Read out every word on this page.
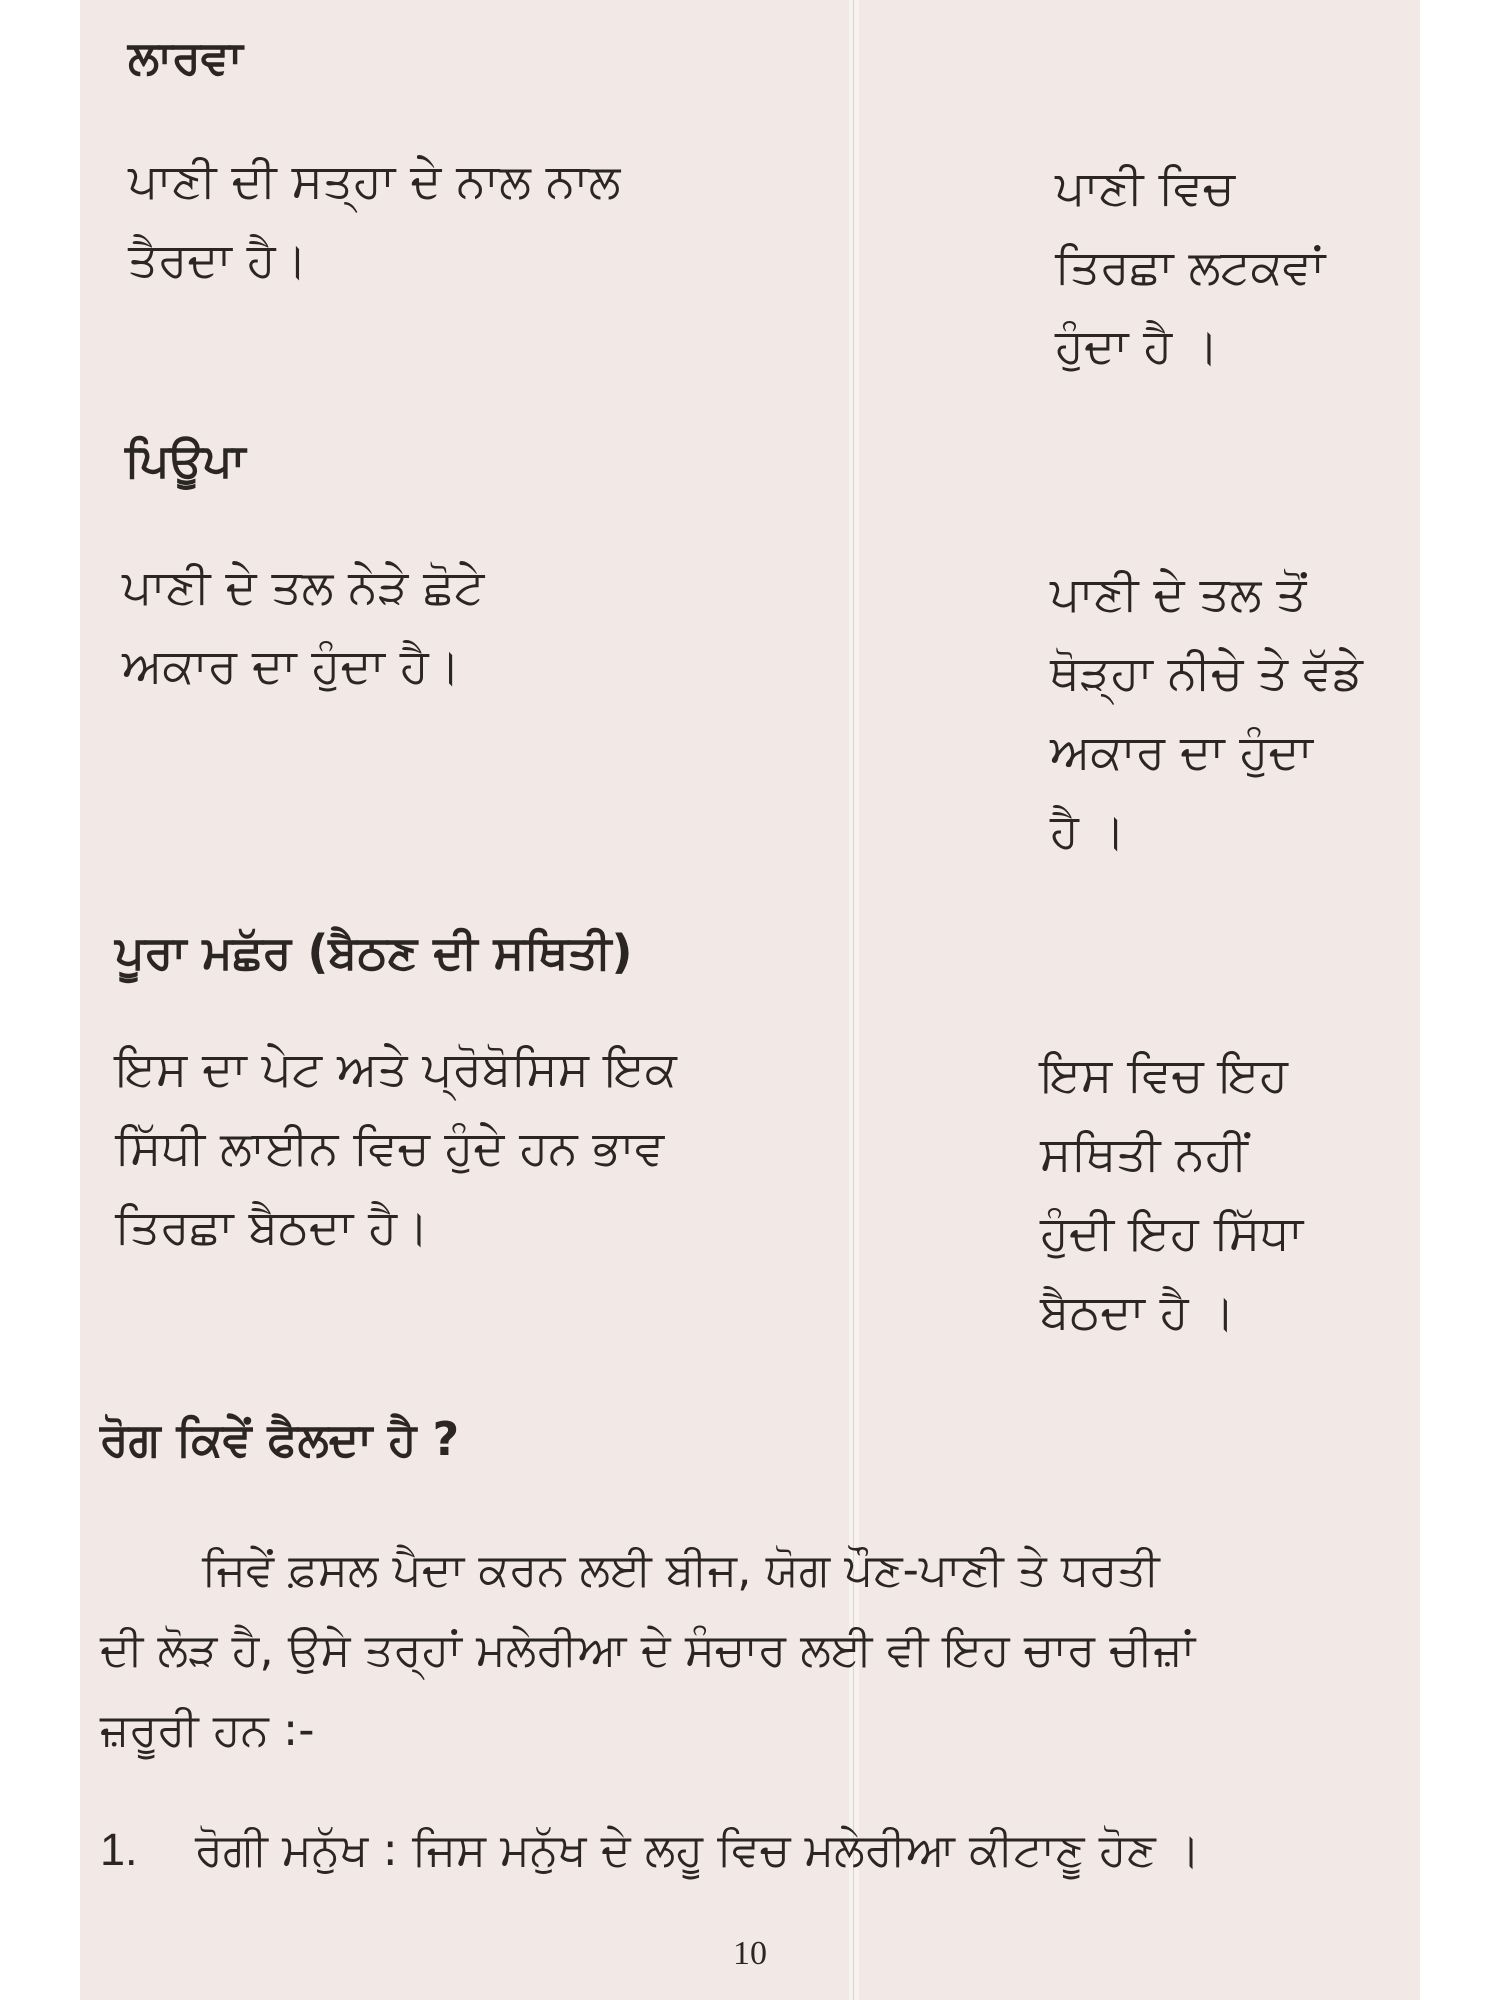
ਲਾਰਵਾ
ਪਾਣੀ ਦੀ ਸਤ੍ਹਾ ਦੇ ਨਾਲ ਨਾਲ
ਤੈਰਦਾ ਹੈ।
ਪਾਣੀ ਵਿਚ
ਤਿਰਛਾ ਲਟਕਵਾਂ
ਹੁੰਦਾ ਹੈ ।
ਪਿਊਪਾ
ਪਾਣੀ ਦੇ ਤਲ ਨੇੜੇ ਛੋਟੇ
ਅਕਾਰ ਦਾ ਹੁੰਦਾ ਹੈ।
ਪਾਣੀ ਦੇ ਤਲ ਤੋਂ
ਥੋੜ੍ਹਾ ਨੀਚੇ ਤੇ ਵੱਡੇ
ਅਕਾਰ ਦਾ ਹੁੰਦਾ
ਹੈ ।
ਪੂਰਾ ਮਛੱਰ (ਬੈਠਣ ਦੀ ਸਥਿਤੀ)
ਇਸ ਦਾ ਪੇਟ ਅਤੇ ਪ੍ਰੋਬੋਸਿਸ ਇਕ
ਸਿੱਧੀ ਲਾਈਨ ਵਿਚ ਹੁੰਦੇ ਹਨ ਭਾਵ
ਤਿਰਛਾ ਬੈਠਦਾ ਹੈ।
ਇਸ ਵਿਚ ਇਹ
ਸਥਿਤੀ ਨਹੀਂ
ਹੁੰਦੀ ਇਹ ਸਿੱਧਾ
ਬੈਠਦਾ ਹੈ ।
ਰੋਗ ਕਿਵੇਂ ਫੈਲਦਾ ਹੈ ?
ਜਿਵੇਂ ਫ਼ਸਲ ਪੈਦਾ ਕਰਨ ਲਈ ਬੀਜ, ਯੋਗ ਪੌਣ-ਪਾਣੀ ਤੇ ਧਰਤੀ
ਦੀ ਲੋੜ ਹੈ, ਉਸੇ ਤਰ੍ਹਾਂ ਮਲੇਰੀਆ ਦੇ ਸੰਚਾਰ ਲਈ ਵੀ ਇਹ ਚਾਰ ਚੀਜ਼ਾਂ
ਜ਼ਰੂਰੀ ਹਨ :-
1. ਰੋਗੀ ਮਨੁੱਖ : ਜਿਸ ਮਨੁੱਖ ਦੇ ਲਹੂ ਵਿਚ ਮਲੇਰੀਆ ਕੀਟਾਣੂ ਹੋਣ ।
10
